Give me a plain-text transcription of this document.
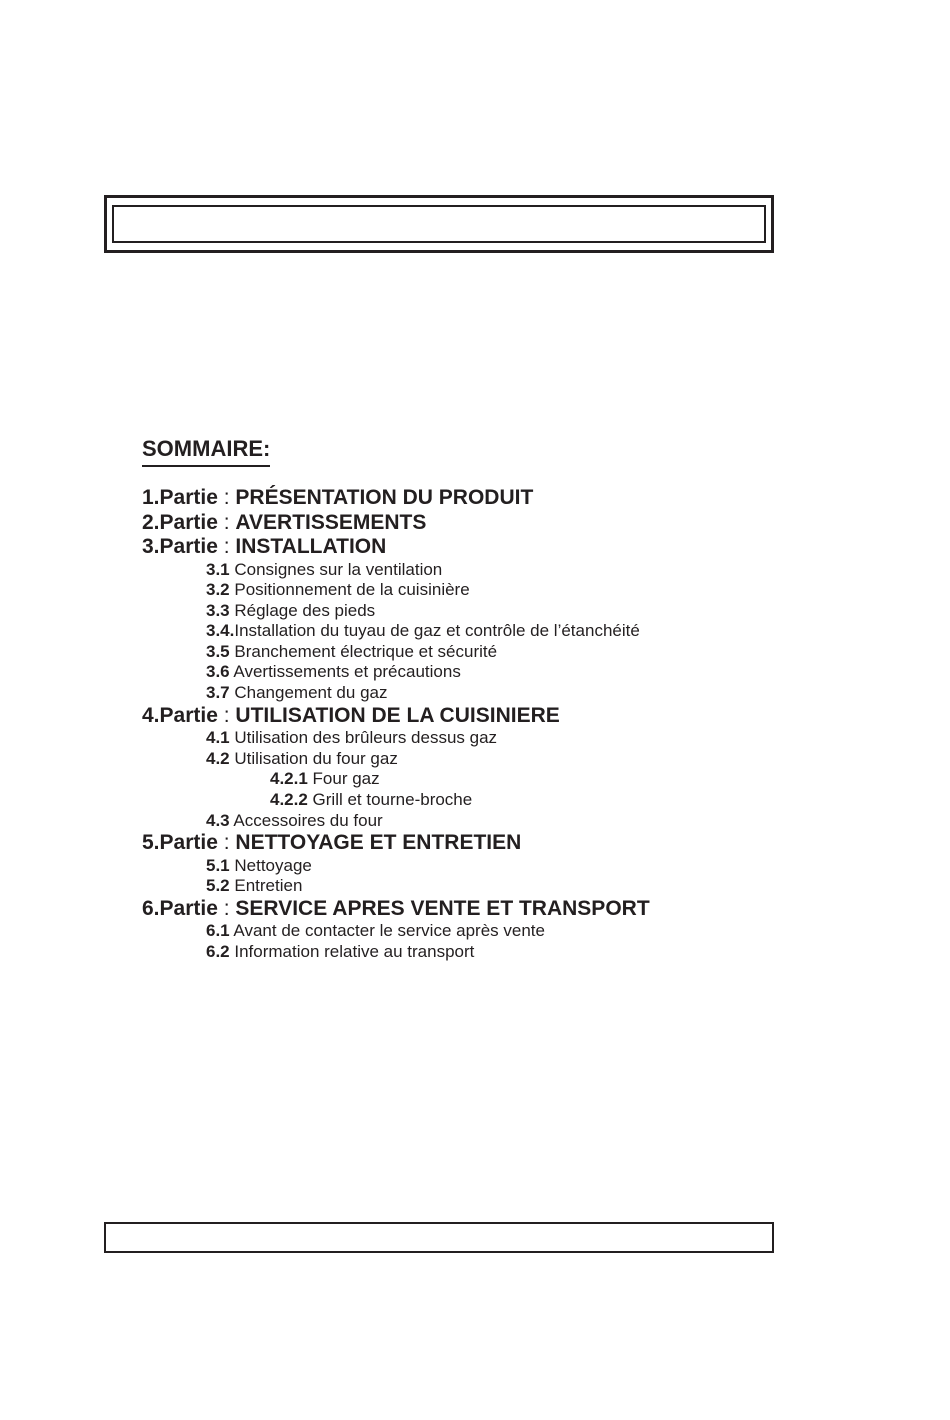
SOMMAIRE:
1.Partie : PRÉSENTATION DU PRODUIT
2.Partie : AVERTISSEMENTS
3.Partie : INSTALLATION
3.1 Consignes sur la ventilation
3.2 Positionnement de la cuisinière
3.3 Réglage des pieds
3.4.Installation du tuyau de gaz et contrôle de l’étanchéité
3.5 Branchement électrique et sécurité
3.6 Avertissements et précautions
3.7 Changement du gaz
4.Partie : UTILISATION DE LA CUISINIERE
4.1 Utilisation des brûleurs dessus gaz
4.2 Utilisation du four gaz
4.2.1 Four gaz
4.2.2 Grill et tourne-broche
4.3 Accessoires du four
5.Partie : NETTOYAGE ET ENTRETIEN
5.1 Nettoyage
5.2 Entretien
6.Partie : SERVICE APRES VENTE ET TRANSPORT
6.1 Avant de contacter le service après vente
6.2 Information relative au transport
